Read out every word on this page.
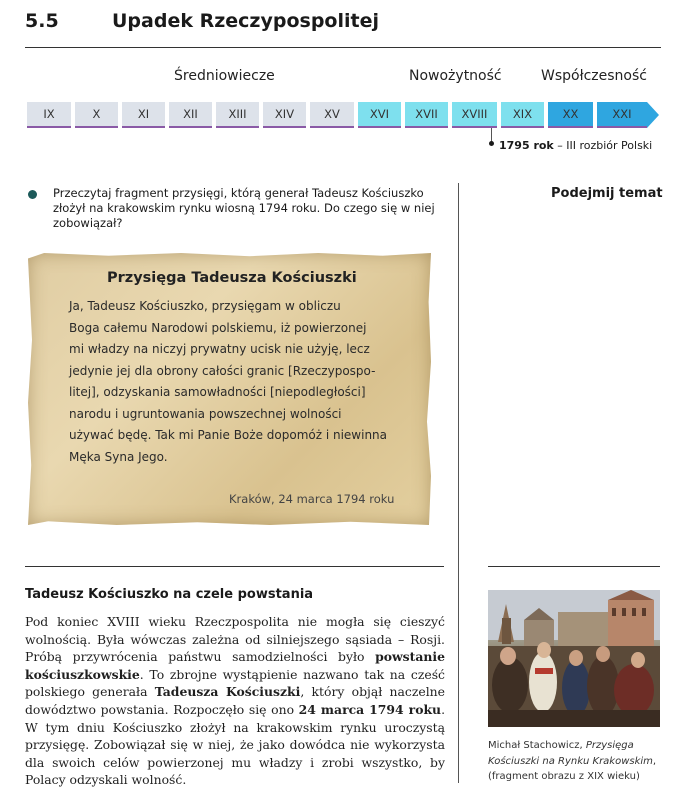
5.5	Upadek Rzeczypospolitej
Średniowiecze	Nowożytność	Współczesność
IX	X	XI	XII	XIII	XIV	XV	XVI	XVII	XVIII	XIX	XX	XXI
1795 rok – III rozbiór Polski
Przeczytaj fragment przysięgi, którą generał Tadeusz Kościuszko złożył na krakowskim rynku wiosną 1794 roku. Do czego się w niej zobowiązał?
Podejmij temat
Przysięga Tadeusza Kościuszki
Ja, Tadeusz Kościuszko, przysięgam w obliczu
Boga całemu Narodowi polskiemu, iż powierzonej
mi władzy na niczyj prywatny ucisk nie użyję, lecz
jedynie jej dla obrony całości granic [Rzeczypospo-
litej], odzyskania samowładności [niepodległości]
narodu i ugruntowania powszechnej wolności
używać będę. Tak mi Panie Boże dopomóż i niewinna
Męka Syna Jego.
Kraków, 24 marca 1794 roku
Tadeusz Kościuszko na czele powstania
Pod koniec XVIII wieku Rzeczpospolita nie mogła się cieszyć wolnością. Była wówczas zależna od silniejszego sąsiada – Rosji. Próbą przywrócenia państwu samodzielności było powstanie kościuszkowskie. To zbrojne wystąpienie nazwano tak na cześć polskiego generała Tadeusza Kościuszki, który objął naczelne dowództwo powstania. Rozpoczęło się ono 24 marca 1794 roku. W tym dniu Kościuszko złożył na krakowskim rynku uroczystą przysięgę. Zobowiązał się w niej, że jako dowódca nie wykorzysta dla swoich celów powierzonej mu władzy i zrobi wszystko, by Polacy odzyskali wolność.
Michał Stachowicz, Przysięga Kościuszki na Rynku Krakowskim, (fragment obrazu z XIX wieku)
